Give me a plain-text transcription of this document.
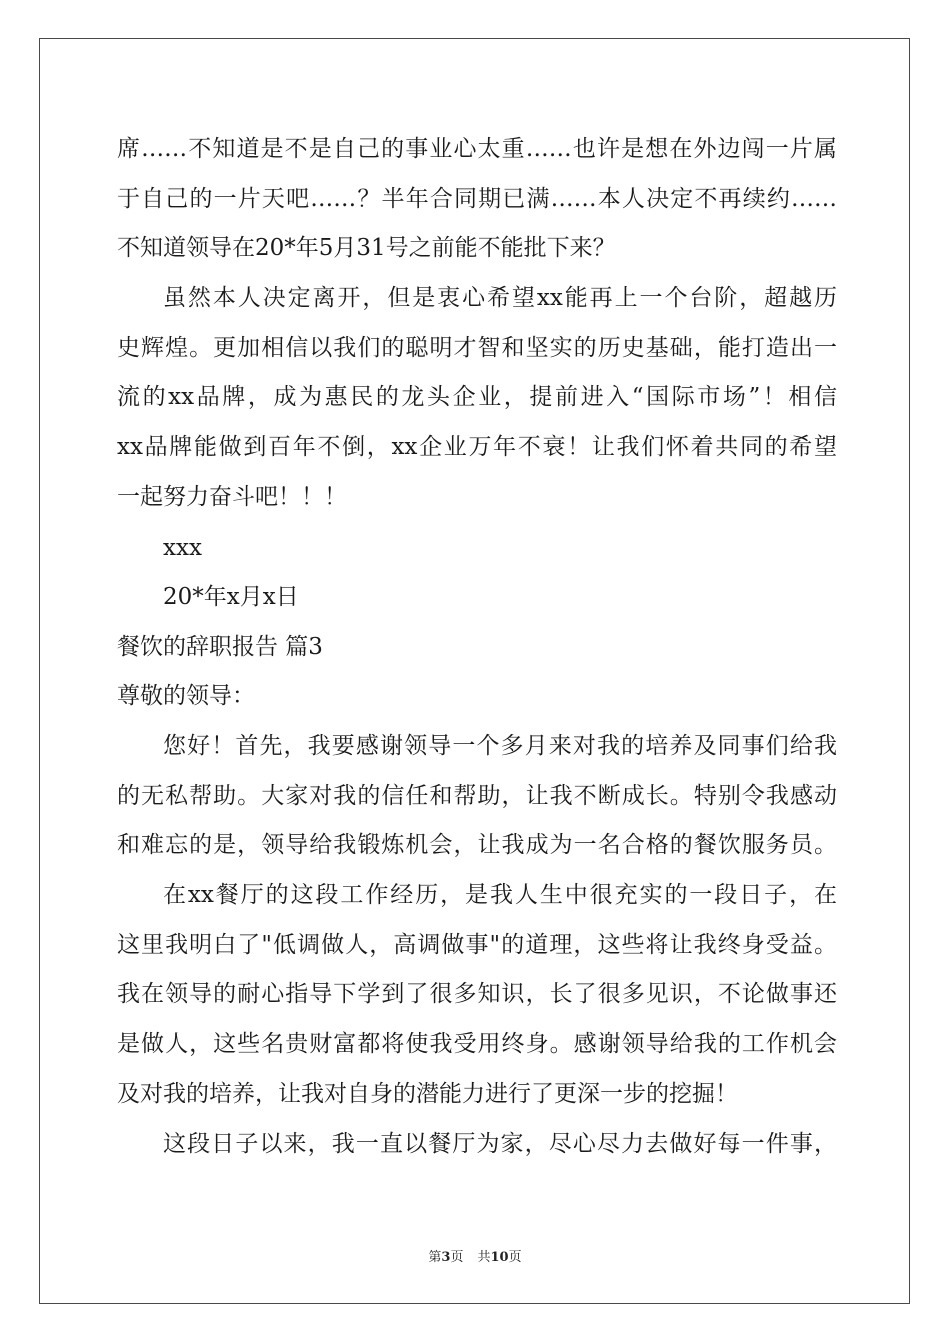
席……不知道是不是自己的事业心太重……也许是想在外边闯一片属
于自己的一片天吧……？半年合同期已满……本人决定不再续约……
不知道领导在20*年5月31号之前能不能批下来？
虽然本人决定离开，但是衷心希望xx能再上一个台阶，超越历
史辉煌。更加相信以我们的聪明才智和坚实的历史基础，能打造出一
流的xx品牌，成为惠民的龙头企业，提前进入“国际市场”！相信
xx品牌能做到百年不倒，xx企业万年不衰！让我们怀着共同的希望
一起努力奋斗吧！！！
xxx
20*年x月x日
餐饮的辞职报告 篇3
尊敬的领导：
您好！首先，我要感谢领导一个多月来对我的培养及同事们给我
的无私帮助。大家对我的信任和帮助，让我不断成长。特别令我感动
和难忘的是，领导给我锻炼机会，让我成为一名合格的餐饮服务员。
在xx餐厅的这段工作经历，是我人生中很充实的一段日子，在
这里我明白了"低调做人，高调做事"的道理，这些将让我终身受益。
我在领导的耐心指导下学到了很多知识，长了很多见识，不论做事还
是做人，这些名贵财富都将使我受用终身。感谢领导给我的工作机会
及对我的培养，让我对自身的潜能力进行了更深一步的挖掘！
这段日子以来，我一直以餐厅为家，尽心尽力去做好每一件事，
第3页 共10页
